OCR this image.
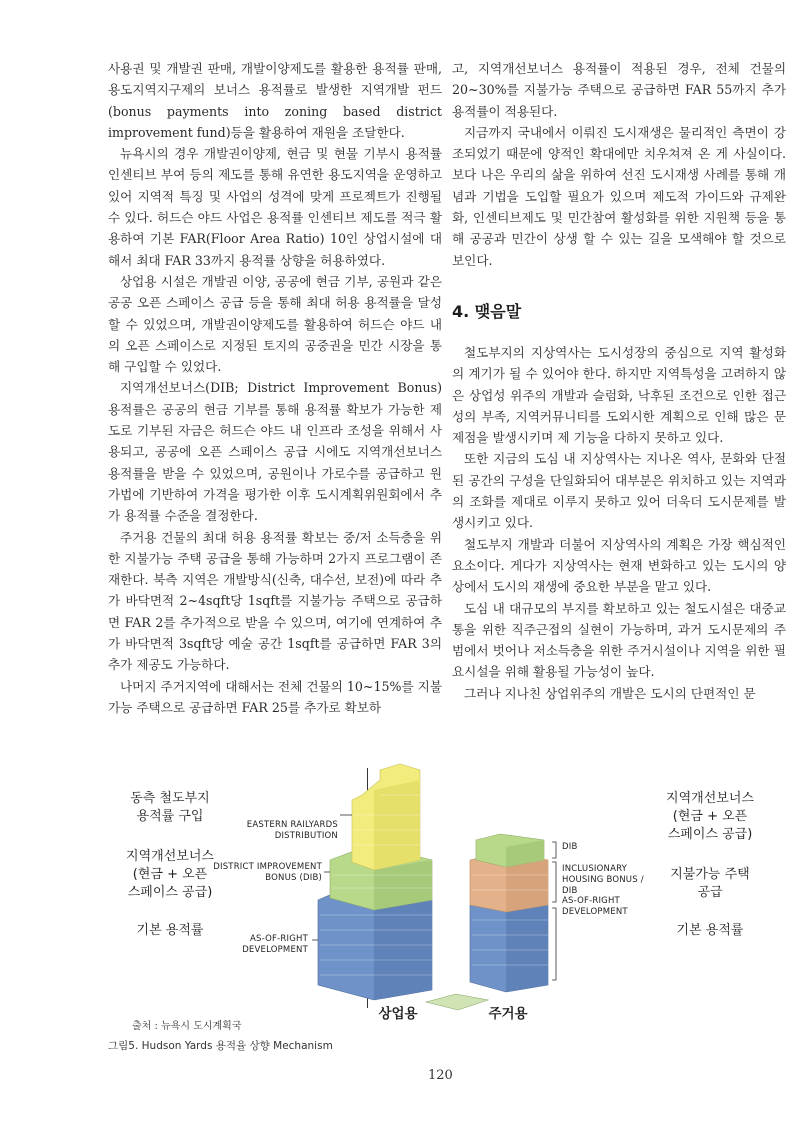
사용권 및 개발권 판매, 개발이양제도를 활용한 용적률 판매, 용도지역지구제의 보너스 용적률로 발생한 지역개발 펀드(bonus payments into zoning based district improvement fund)등을 활용하여 재원을 조달한다.

뉴욕시의 경우 개발권이양제, 현금 및 현물 기부시 용적률 인센티브 부여 등의 제도를 통해 유연한 용도지역을 운영하고 있어 지역적 특징 및 사업의 성격에 맞게 프로젝트가 진행될 수 있다. 허드슨 야드 사업은 용적률 인센티브 제도를 적극 활용하여 기본 FAR(Floor Area Ratio) 10인 상업시설에 대해서 최대 FAR 33까지 용적률 상향을 허용하였다.

상업용 시설은 개발권 이양, 공공에 현금 기부, 공원과 같은 공공 오픈 스페이스 공급 등을 통해 최대 허용 용적률을 달성할 수 있었으며, 개발권이양제도를 활용하여 허드슨 야드 내의 오픈 스페이스로 지정된 토지의 공중권을 민간 시장을 통해 구입할 수 있었다.

지역개선보너스(DIB; District Improvement Bonus) 용적률은 공공의 현금 기부를 통해 용적률 확보가 가능한 제도로 기부된 자금은 허드슨 야드 내 인프라 조성을 위해서 사용되고, 공공에 오픈 스페이스 공급 시에도 지역개선보너스 용적률을 받을 수 있었으며, 공원이나 가로수를 공급하고 원가법에 기반하여 가격을 평가한 이후 도시계획위원회에서 추가 용적률 수준을 결정한다.

주거용 건물의 최대 허용 용적률 확보는 중/저 소득층을 위한 지불가능 주택 공급을 통해 가능하며 2가지 프로그램이 존재한다. 북측 지역은 개발방식(신축, 대수선, 보전)에 따라 추가 바닥면적 2~4sqft당 1sqft를 지불가능 주택으로 공급하면 FAR 2를 추가적으로 받을 수 있으며, 여기에 연계하여 추가 바닥면적 3sqft당 예술 공간 1sqft를 공급하면 FAR 3의 추가 제공도 가능하다.

나머지 주거지역에 대해서는 전체 건물의 10~15%를 지불가능 주택으로 공급하면 FAR 25를 추가로 확보하

고, 지역개선보너스 용적률이 적용된 경우, 전체 건물의 20~30%를 지불가능 주택으로 공급하면 FAR 55까지 추가 용적률이 적용된다.

지금까지 국내에서 이뤄진 도시재생은 물리적인 측면이 강조되었기 때문에 양적인 확대에만 치우쳐져 온 게 사실이다. 보다 나은 우리의 삶을 위하여 선진 도시재생 사례를 통해 개념과 기법을 도입할 필요가 있으며 제도적 가이드와 규제완화, 인센티브제도 및 민간참여 활성화를 위한 지원책 등을 통해 공공과 민간이 상생 할 수 있는 길을 모색해야 할 것으로 보인다.

4. 맺음말

철도부지의 지상역사는 도시성장의 중심으로 지역 활성화의 계기가 될 수 있어야 한다. 하지만 지역특성을 고려하지 않은 상업성 위주의 개발과 슬럼화, 낙후된 조건으로 인한 접근성의 부족, 지역커뮤니티를 도외시한 계획으로 인해 많은 문제점을 발생시키며 제 기능을 다하지 못하고 있다.

또한 지금의 도심 내 지상역사는 지나온 역사, 문화와 단절된 공간의 구성을 단일화되어 대부분은 위치하고 있는 지역과의 조화를 제대로 이루지 못하고 있어 더욱더 도시문제를 발생시키고 있다.

철도부지 개발과 더불어 지상역사의 계획은 가장 핵심적인 요소이다. 게다가 지상역사는 현재 변화하고 있는 도시의 양상에서 도시의 재생에 중요한 부분을 맡고 있다.

도심 내 대규모의 부지를 확보하고 있는 철도시설은 대중교통을 위한 직주근접의 실현이 가능하며, 과거 도시문제의 주범에서 벗어나 저소득층을 위한 주거시설이나 지역을 위한 필요시설을 위해 활용될 가능성이 높다.

그러나 지나친 상업위주의 개발은 도시의 단편적인 문

동측 철도부지
용적률 구입
지역개선보너스
(현금 + 오픈
스페이스 공급)
기본 용적률
EASTERN RAILYARDS
DISTRIBUTION
DISTRICT IMPROVEMENT
BONUS (DIB)
AS-OF-RIGHT
DEVELOPMENT
DIB
INCLUSIONARY
HOUSING BONUS / DIB
AS-OF-RIGHT
DEVELOPMENT
지역개선보너스
(현금 + 오픈
스페이스 공급)
지불가능 주택
공급
기본 용적률
상업용	주거용
출처 : 뉴욕시 도시계획국
그림5. Hudson Yards 용적율 상향 Mechanism
120
